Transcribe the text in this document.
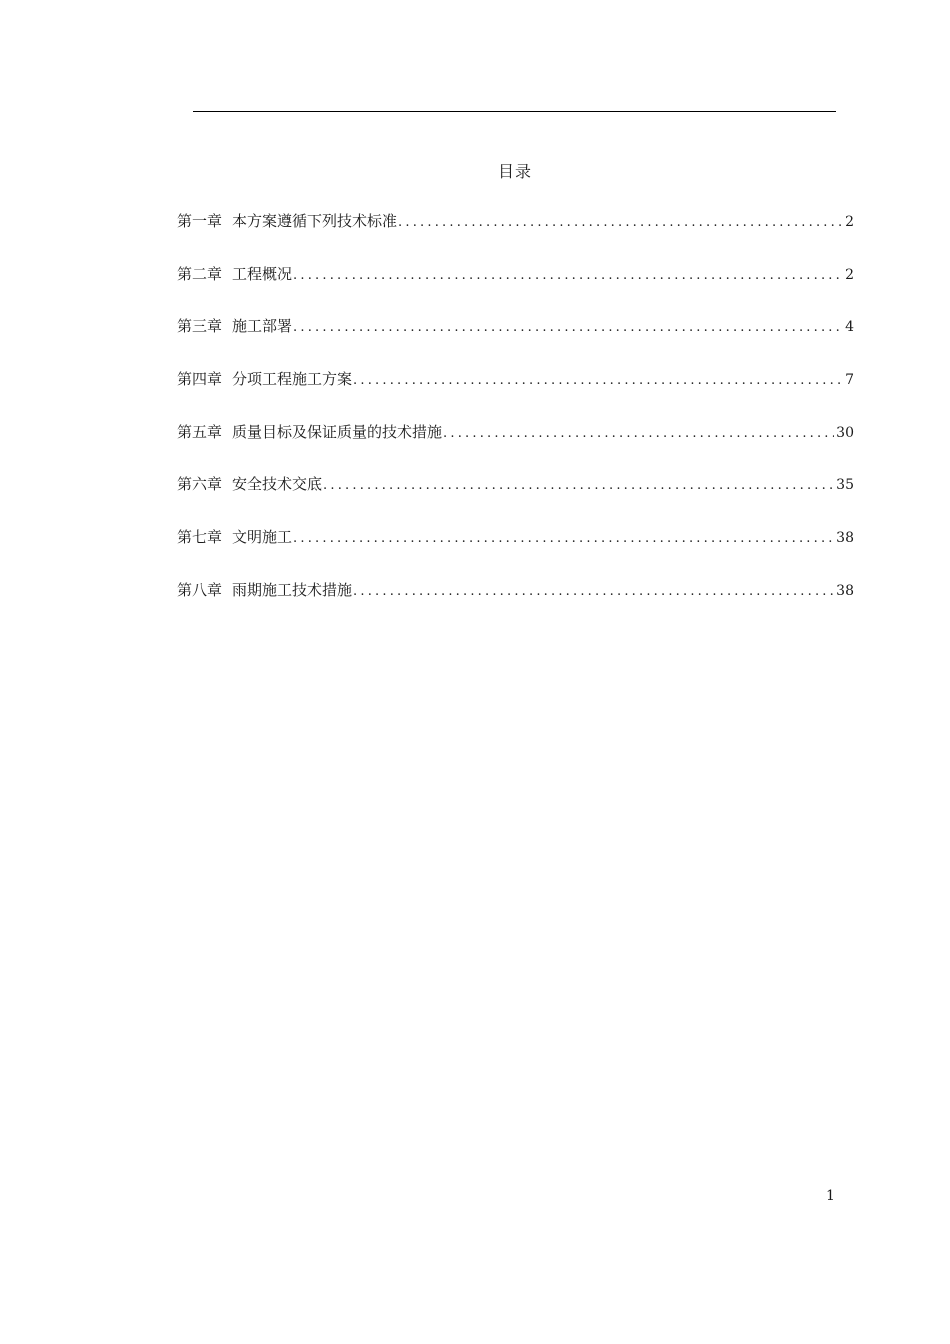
目录
第一章 本方案遵循下列技术标准 .....	2
第二章 工程概况 .....	2
第三章 施工部署 .....	4
第四章 分项工程施工方案 .....	7
第五章 质量目标及保证质量的技术措施 .....	30
第六章 安全技术交底 .....	35
第七章 文明施工 .....	38
第八章 雨期施工技术措施 .....	38
1
